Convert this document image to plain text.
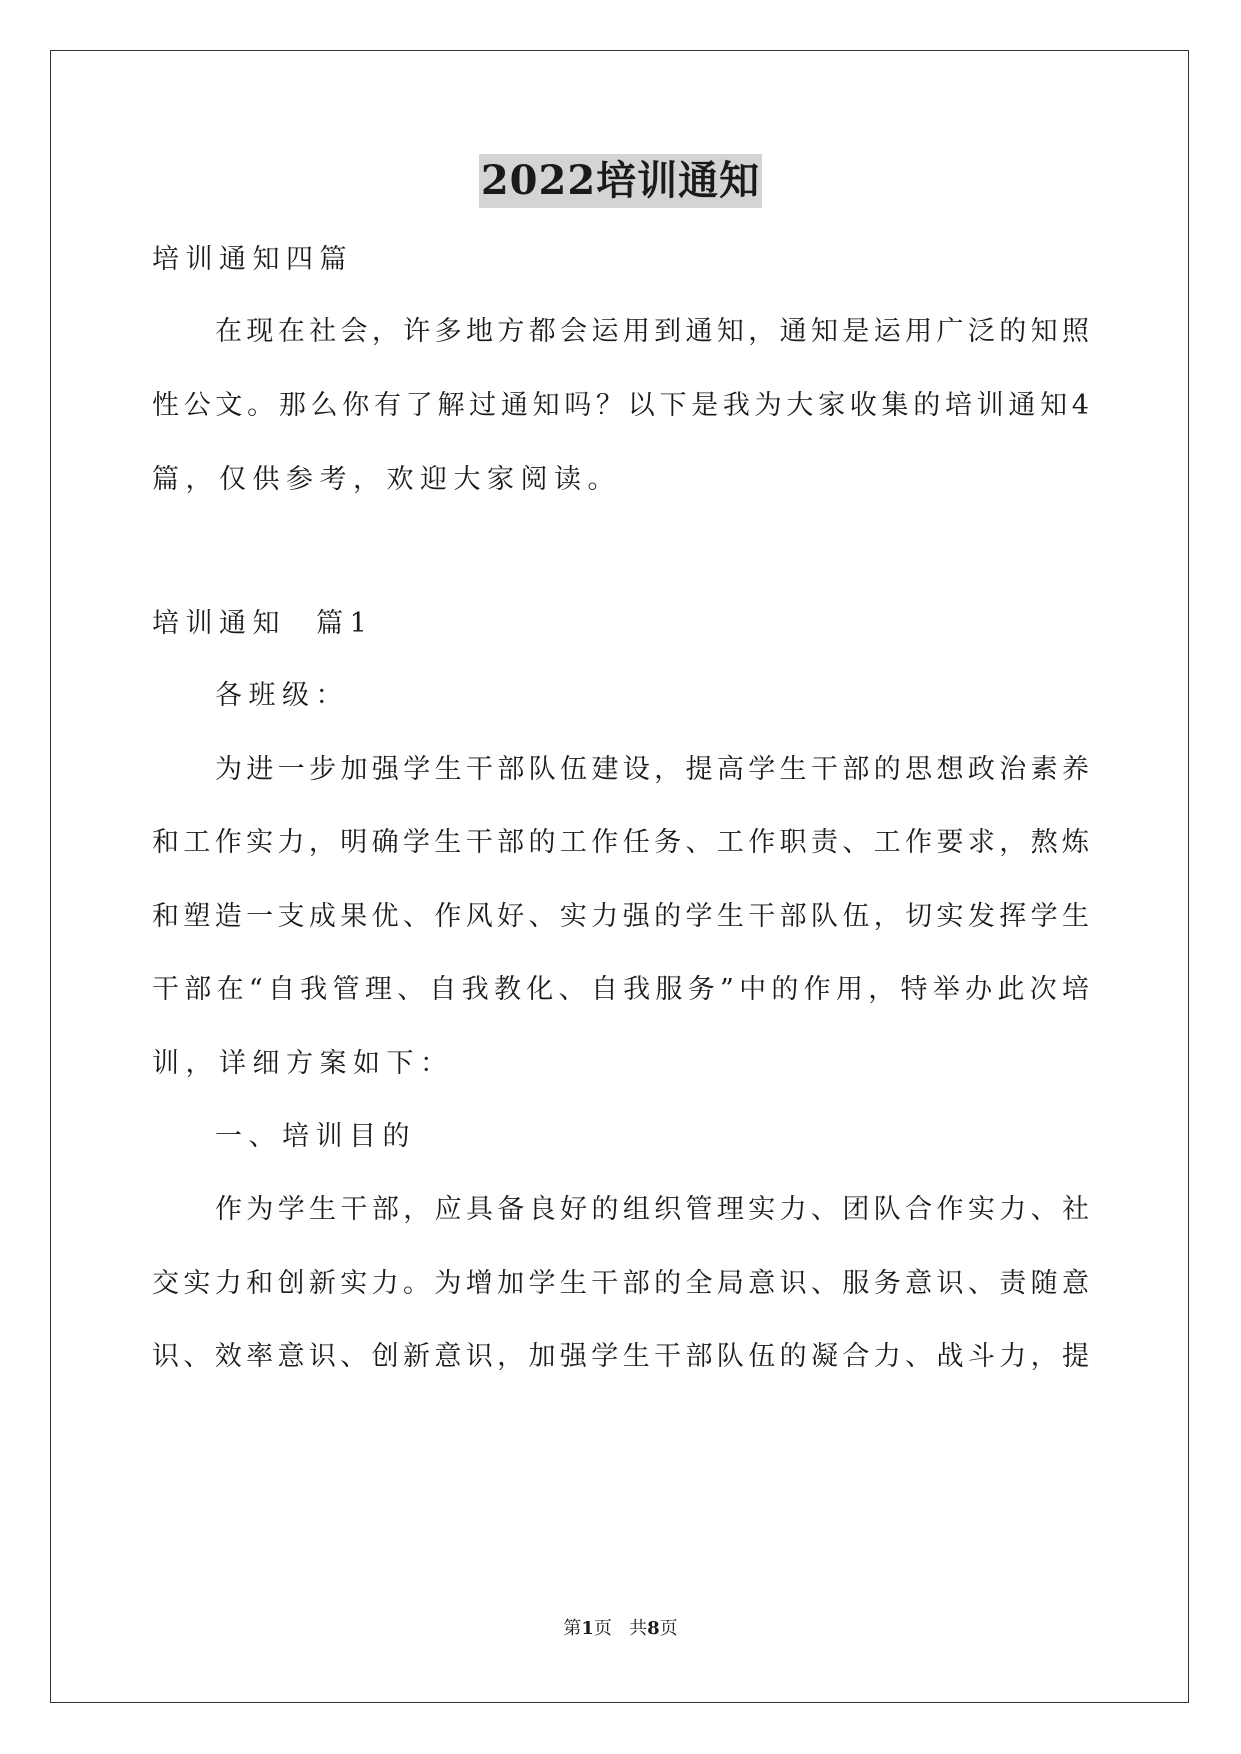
2022培训通知
培训通知四篇
在现在社会，许多地方都会运用到通知，通知是运用广泛的知照
性公文。那么你有了解过通知吗？以下是我为大家收集的培训通知4
篇，仅供参考，欢迎大家阅读。
培训通知  篇1
各班级：
为进一步加强学生干部队伍建设，提高学生干部的思想政治素养
和工作实力，明确学生干部的工作任务、工作职责、工作要求，熬炼
和塑造一支成果优、作风好、实力强的学生干部队伍，切实发挥学生
干部在“自我管理、自我教化、自我服务”中的作用，特举办此次培
训，详细方案如下：
一、培训目的
作为学生干部，应具备良好的组织管理实力、团队合作实力、社
交实力和创新实力。为增加学生干部的全局意识、服务意识、责随意
识、效率意识、创新意识，加强学生干部队伍的凝合力、战斗力，提
第1页   共8页
